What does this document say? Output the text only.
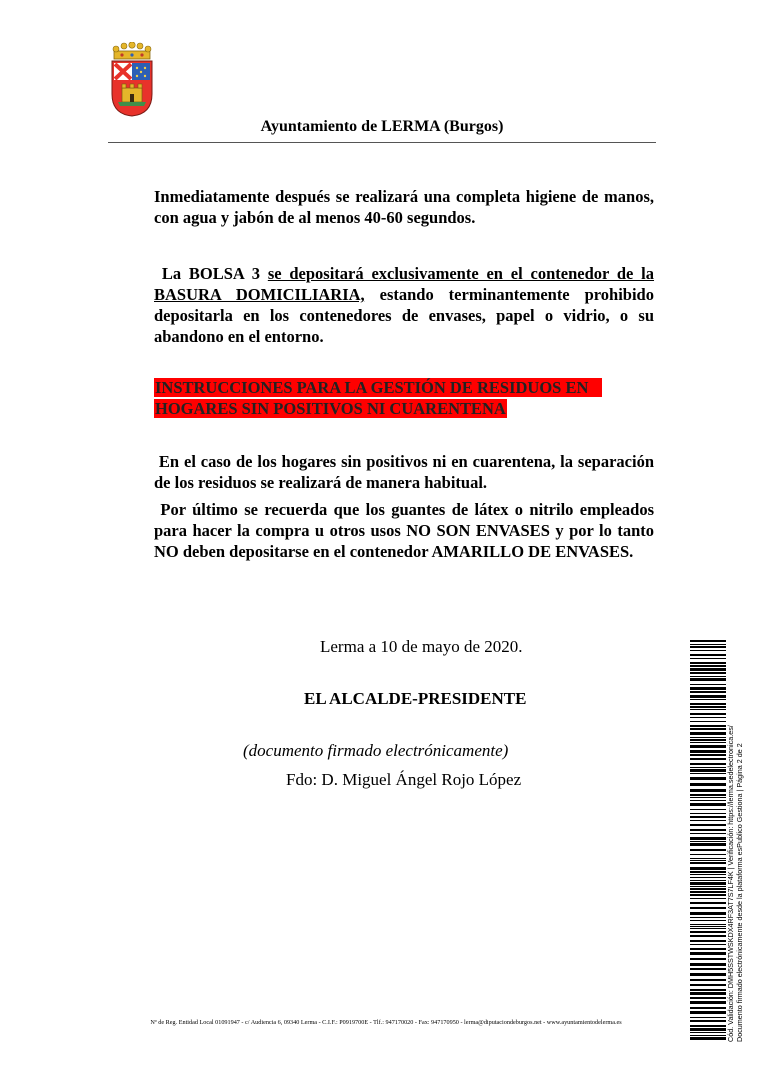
Ayuntamiento de LERMA (Burgos)
Inmediatamente después se realizará una completa higiene de manos, con agua y jabón de al menos 40-60 segundos.
La BOLSA 3 se depositará exclusivamente en el contenedor de la BASURA DOMICILIARIA, estando terminantemente prohibido depositarla en los contenedores de envases, papel o vidrio, o su abandono en el entorno.
INSTRUCCIONES PARA LA GESTIÓN DE RESIDUOS EN
HOGARES SIN POSITIVOS NI CUARENTENA
En el caso de los hogares sin positivos ni en cuarentena, la separación de los residuos se realizará de manera habitual.
Por último se recuerda que los guantes de látex o nitrilo empleados para hacer la compra u otros usos NO SON ENVASES y por lo tanto NO deben depositarse en el contenedor AMARILLO DE ENVASES.
Lerma a 10 de mayo de 2020.
EL ALCALDE-PRESIDENTE
(documento firmado electrónicamente)
Fdo: D. Miguel Ángel Rojo López
Nº de Reg. Entidad Local 01091947 - c/ Audiencia 6, 09340 Lerma - C.I.F.: P0919700E - Tlf.: 947170020 - Fax: 947170950 - lerma@diputaciondeburgos.net - www.ayuntamientodelerma.es	Cód. Validación: DMH5SSTWSKDX4RF3AT7S7LF4K | Verificación: https://lerma.sedelectronica.es/ Documento firmado electrónicamente desde la plataforma esPublico Gestiona | Página 2 de 2
